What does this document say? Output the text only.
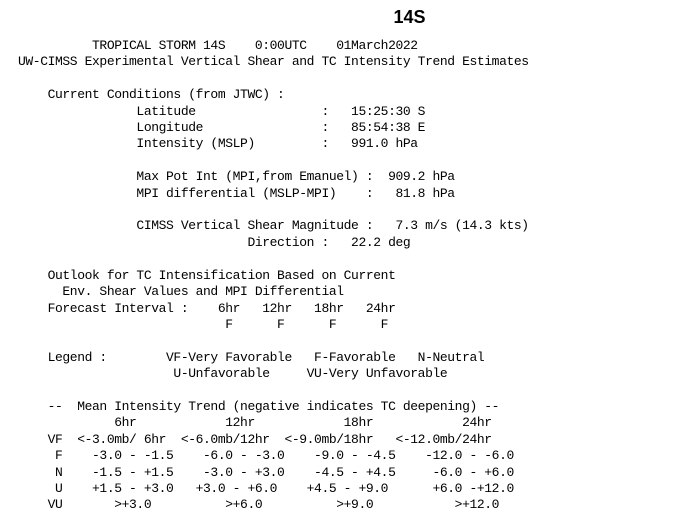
14S
TROPICAL STORM 14S    0:00UTC    01March2022
UW-CIMSS Experimental Vertical Shear and TC Intensity Trend Estimates

Current Conditions (from JTWC) :
Latitude                 :   15:25:30 S
Longitude                :   85:54:38 E
Intensity (MSLP)         :   991.0 hPa

Max Pot Int (MPI,from Emanuel) :  909.2 hPa
MPI differential (MSLP-MPI)    :   81.8 hPa

CIMSS Vertical Shear Magnitude :   7.3 m/s (14.3 kts)
Direction :   22.2 deg

Outlook for TC Intensification Based on Current
Env. Shear Values and MPI Differential
Forecast Interval :    6hr   12hr   18hr   24hr
F      F      F      F

Legend :        VF-Very Favorable   F-Favorable   N-Neutral
U-Unfavorable     VU-Very Unfavorable

--  Mean Intensity Trend (negative indicates TC deepening) --
6hr            12hr            18hr            24hr
VF  <-3.0mb/ 6hr  <-6.0mb/12hr  <-9.0mb/18hr   <-12.0mb/24hr
F    -3.0 - -1.5    -6.0 - -3.0    -9.0 - -4.5    -12.0 - -6.0
N    -1.5 - +1.5    -3.0 - +3.0    -4.5 - +4.5     -6.0 - +6.0
U    +1.5 - +3.0   +3.0 - +6.0    +4.5 - +9.0      +6.0 -+12.0
VU       >+3.0          >+6.0          >+9.0           >+12.0
